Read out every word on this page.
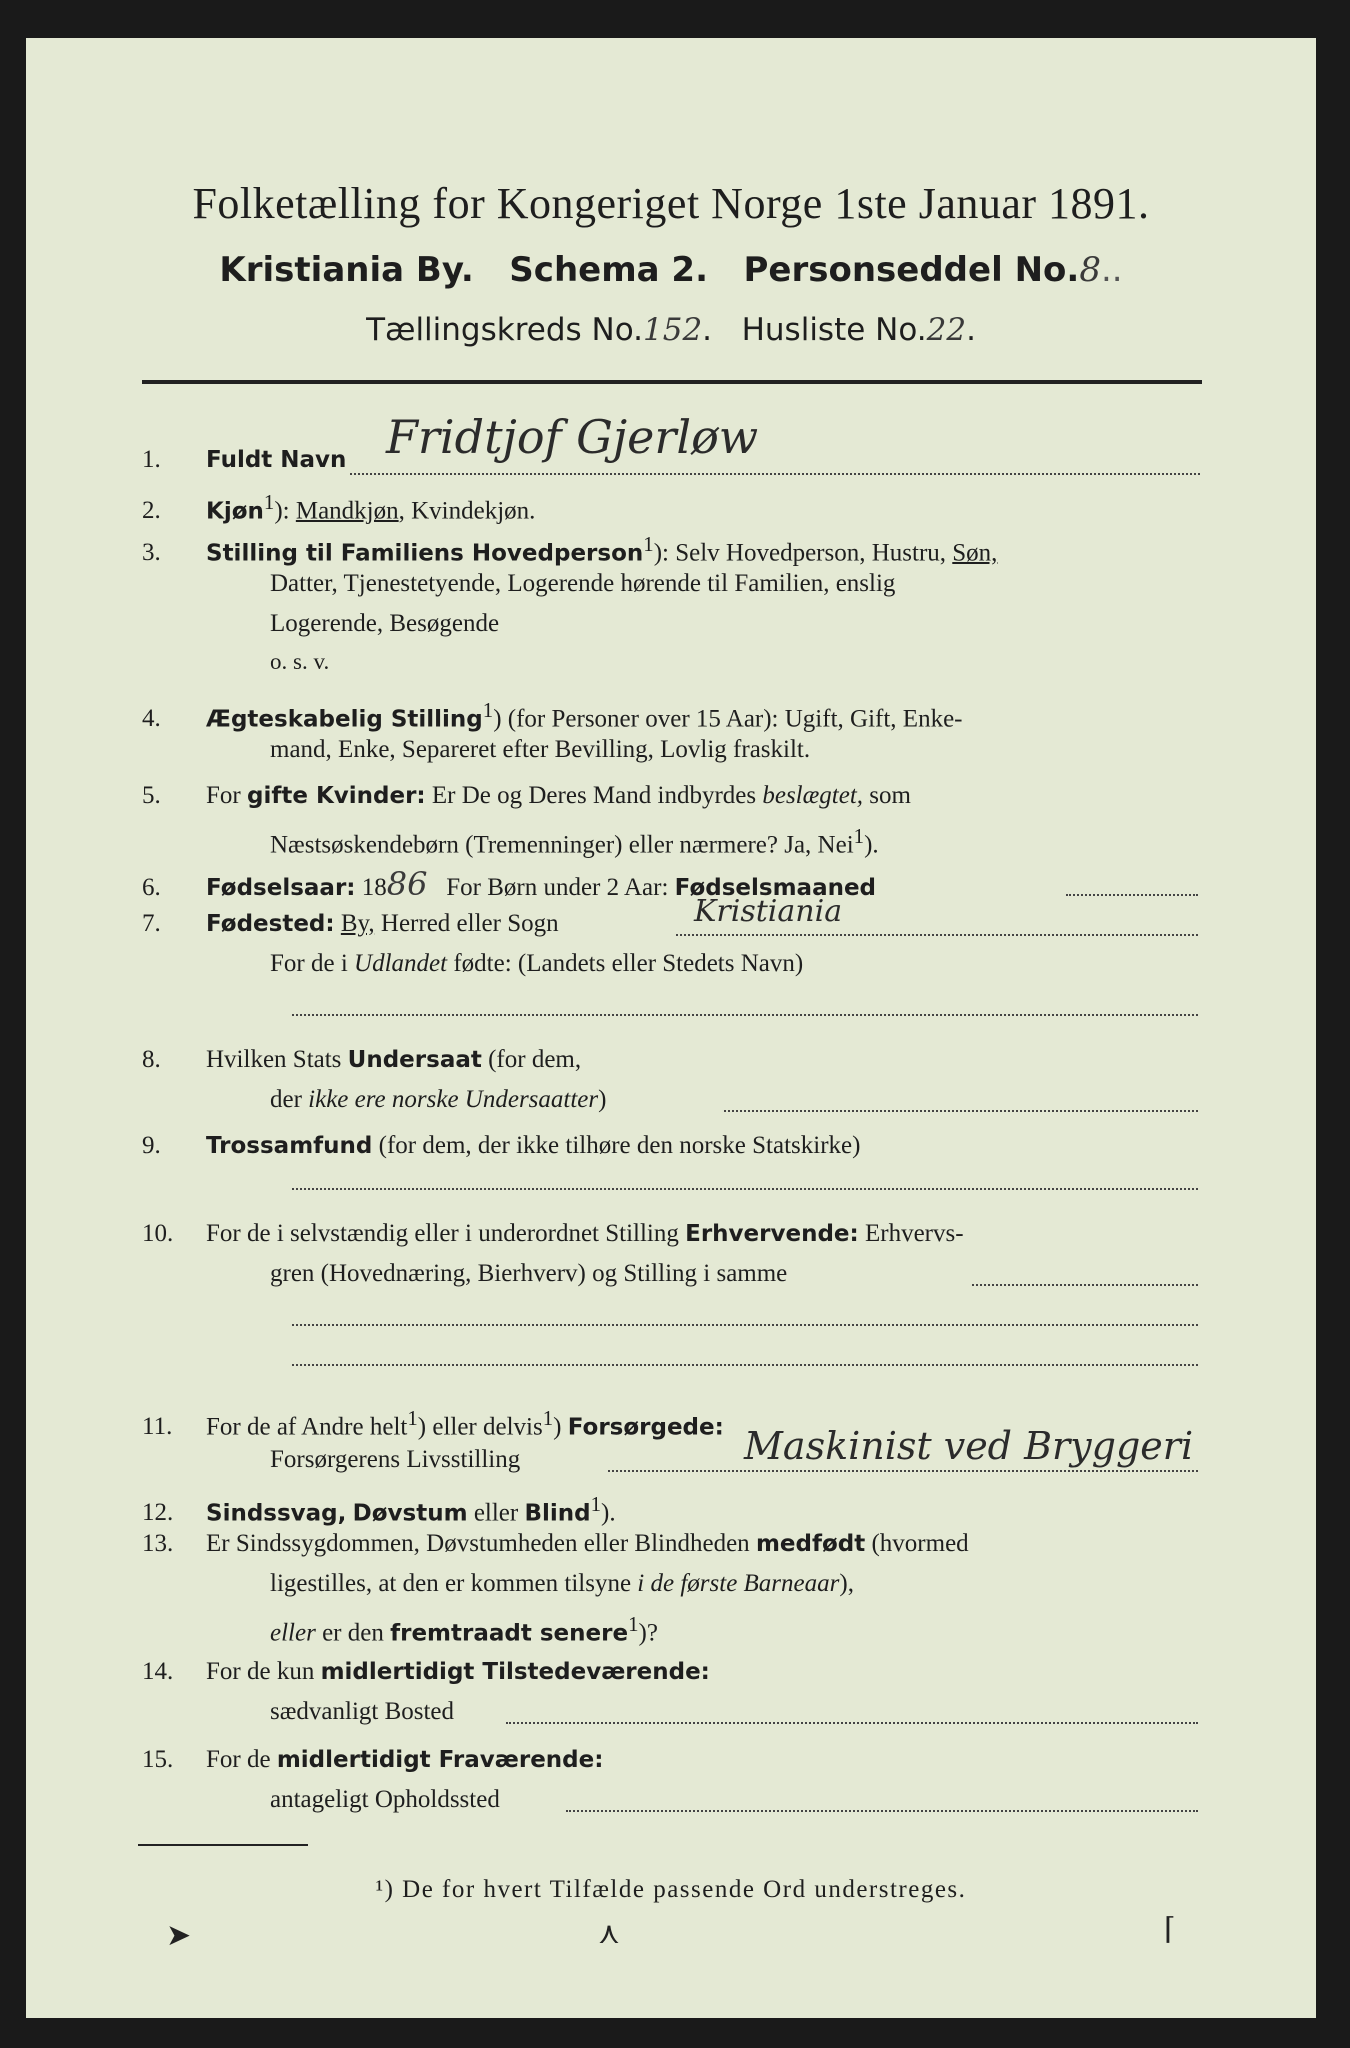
Folketælling for Kongeriget Norge 1ste Januar 1891.
Kristiania By. Schema 2. Personseddel No.8..
Tællingskreds No.152.   Husliste No.22.
1. Fuldt Navn Fridtjof Gjerløw
2. Kjøn$^1$): Mandkjøn, Kvindekjøn.
3. Stilling til Familiens Hovedperson$^1$): Selv Hovedperson, Hustru, Søn,
Datter, Tjenestetyende, Logerende hørende til Familien, enslig
Logerende, Besøgende
o. s. v.
4. Ægteskabelig Stilling$^1$) (for Personer over 15 Aar): Ugift, Gift, Enke-
mand, Enke, Separeret efter Bevilling, Lovlig fraskilt.
5. For gifte Kvinder: Er De og Deres Mand indbyrdes beslægtet, som
Næstsøskendebørn (Tremenninger) eller nærmere? Ja, Nei$^1$).
6. Fødselsaar: 1886 For Børn under 2 Aar: Fødselsmaaned
7. Fødested: By, Herred eller Sogn	Kristiania
For de i Udlandet fødte: (Landets eller Stedets Navn)
8. Hvilken Stats Undersaat (for dem,
der ikke ere norske Undersaatter)
9. Trossamfund (for dem, der ikke tilhøre den norske Statskirke)
10. For de i selvstændig eller i underordnet Stilling Erhvervende: Erhvervs-
gren (Hovednæring, Bierhverv) og Stilling i samme
11. For de af Andre helt$^1$) eller delvis$^1$) Forsørgede:
Forsørgerens Livsstilling	Maskinist ved Bryggeri
12. Sindssvag, Døvstum eller Blind$^1$).
13. Er Sindssygdommen, Døvstumheden eller Blindheden medfødt (hvormed
ligestilles, at den er kommen tilsyne i de første Barneaar),
eller er den fremtraadt senere$^1$)?
14. For de kun midlertidigt Tilstedeværende:
sædvanligt Bosted
15. For de midlertidigt Fraværende:
antageligt Opholdssted
¹) De for hvert Tilfælde passende Ord understreges.
➤	⋏	⌈
